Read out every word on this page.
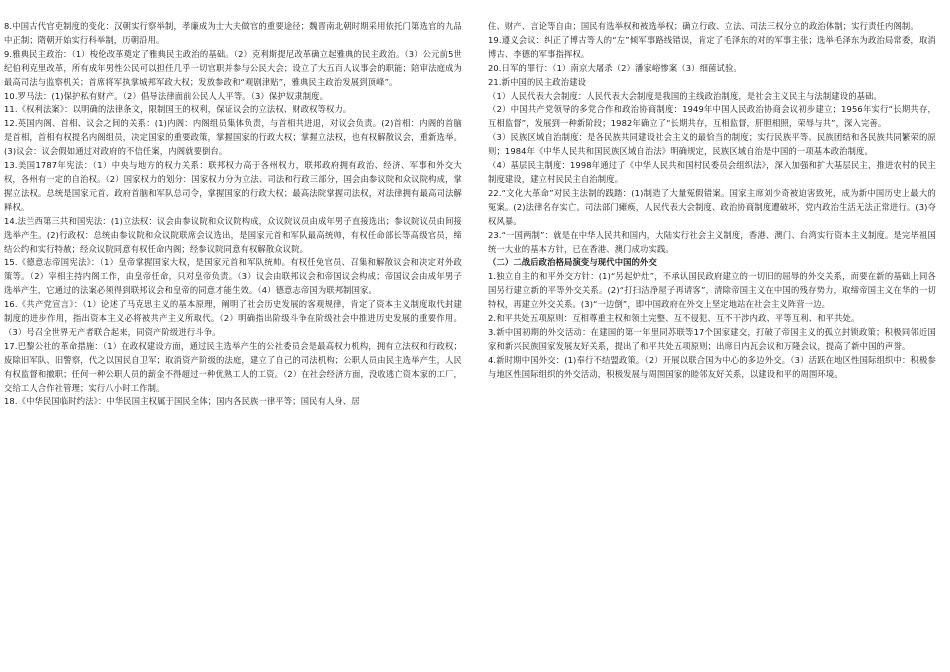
8.中国古代官吏制度的变化：汉朝实行察举制，孝廉成为士大夫做官的重要途径；魏晋南北朝时期采用依托门第选官的九品中正制；隋朝开始实行科举制，历朝沿用。

9.雅典民主政治：（1）梭伦改革奠定了雅典民主政治的基础。（2）克利斯提尼改革确立起雅典的民主政治。（3）公元前5世纪伯利克里改革，所有成年男性公民可以担任几乎一切官职并参与公民大会；设立了大五百人议事会的职能；陪审法庭成为最高司法与监察机关；首席将军执掌城邦军政大权；发放参政和“观剧津贴”，雅典民主政治发展到顶峰”。

10.罗马法：(1)保护私有财产。（2）倡导法律面前公民人人平等。（3）保护奴隶制度。

11.《权利法案》：以明确的法律条文，限制国王的权利，保证议会的立法权、财政权等权力。

12.英国内阁、首相、议会之间的关系：(1)内阁：内阁组员集体负责，与首相共进退，对议会负责。(2)首相：内阁的首脑是首相，首相有权提名内阁组员，决定国家的重要政策，掌握国家的行政大权；掌握立法权，也有权解散议会，重新选举。(3)议会：议会假如通过对政府的不信任案，内阁就要倒台。

13.美国1787年宪法：（1）中央与地方的权力关系：联邦权力高于各州权力，联邦政府拥有政治、经济、军事和外交大权，各州有一定的自治权。（2）国家权力的划分：国家权力分为立法、司法和行政三部分，国会由参议院和众议院构成，掌握立法权。总统是国家元首、政府首脑和军队总司令，掌握国家的行政大权；最高法院掌握司法权，对法律拥有最高司法解释权。

14.法兰西第三共和国宪法：(1)立法权：议会由参议院和众议院构成，众议院议员由成年男子直接选出；参议院议员由间接选举产生。(2)行政权：总统由参议院和众议院联席会议选出，是国家元首和军队最高统帅，有权任命部长等高级官员，缔结公约和实行特赦；经众议院同意有权任命内阁；经参议院同意有权解散众议院。

15.《德意志帝国宪法》：（1）皇帝掌握国家大权，是国家元首和军队统帅。有权任免官员、召集和解散议会和决定对外政策等。（2）宰相主持内阁工作，由皇帝任命，只对皇帝负责。（3）议会由联邦议会和帝国议会构成；帝国议会由成年男子选举产生，它通过的法案必须得到联邦议会和皇帝的同意才能生效。（4）德意志帝国为联邦制国家。

16.《共产党宣言》：（1）论述了马克思主义的基本原理，阐明了社会历史发展的客观规律，肯定了资本主义制度取代封建制度的进步作用，指出资本主义必将被共产主义所取代。（2）明确指出阶级斗争在阶级社会中推进历史发展的重要作用。（3）号召全世界无产者联合起来，同资产阶级进行斗争。

17.巴黎公社的革命措施：（1）在政权建设方面，通过民主选举产生的公社委员会是最高权力机构，拥有立法权和行政权；废除旧军队、旧警察，代之以国民自卫军；取消资产阶级的法庭，建立了自己的司法机构；公职人员由民主选举产生，人民有权监督和撤职；任何一种公职人员的薪金不得超过一种优熟工人的工资。（2）在社会经济方面，没收逃亡资本家的工厂，交给工人合作社管理；实行八小时工作制。

18.《中华民国临时约法》：中华民国主权属于国民全体；国内各民族一律平等；国民有人身、居

住、财产、言论等自由；国民有选举权和被选举权；确立行政、立法、司法三权分立的政治体制；实行责任内阁制。

19.遵义会议：纠正了博古等人的“左”倾军事路线错误，肯定了毛泽东的对的军事主张；选举毛泽东为政治局常委，取消博古、李德的军事指挥权。

20.日军的罪行：（1）南京大屠杀（2）潘家峪惨案（3）细菌试验。

21.新中国的民主政治建设

（1）人民代表大会制度：人民代表大会制度是我国的主线政治制度，是社会主义民主与法制建设的基础。

（2）中国共产党领导的多党合作和政治协商制度：1949年中国人民政治协商会议初步建立；1956年实行“长期共存，互相监督”，发展到一种新阶段；1982年确立了“长期共存，互相监督，肝胆相照，荣辱与共”，深入完善。

（3）民族区域自治制度：是各民族共同建设社会主义的最恰当的制度；实行民族平等、民族团结和各民族共同繁荣的原则；1984年《中华人民共和国民族区域自治法》明确规定，民族区域自治是中国的一项基本政治制度。

（4）基层民主制度：1998年通过了《中华人民共和国村民委员会组织法》，深入加强和扩大基层民主，推进农村的民主制度建设，建立村民民主自治制度。

22.“文化大革命”对民主法制的践踏：(1)制造了大量冤假错案。国家主席刘少奇被迫害致死，成为新中国历史上最大的冤案。(2)法律名存实亡。司法部门瘫痪，人民代表大会制度、政治协商制度遭破坏，党内政治生活无法正常进行。(3)夺权风暴。

23.“一国两制”：就是在中华人民共和国内，大陆实行社会主义制度，香港、澳门、台湾实行资本主义制度。是完毕祖国统一大业的基本方针，已在香港、澳门成功实践。

（二）二战后政治格局演变与现代中国的外交

1.独立自主的和平外交方针：(1)“另起炉灶”，不承认国民政府建立的一切旧的屈辱的外交关系，而要在新的基础上同各国另行建立新的平等外交关系。(2)“打扫洁净屋子再请客”，清除帝国主义在中国的残存势力，取缔帝国主义在华的一切特权，再建立外交关系。(3)“一边倒”，即中国政府在外交上坚定地站在社会主义阵营一边。

2.和平共处五项原则：互相尊重主权和领土完整、互不侵犯、互不干涉内政、平等互利、和平共处。

3.新中国初期的外交活动：在建国的第一年里同苏联等17个国家建交，打破了帝国主义的孤立封锁政策；积极同邻近国家和新兴民族国家发展友好关系，提出了和平共处五项原则；出席日内瓦会议和万隆会议，提高了新中国的声誉。

4.新时期中国外交：(1)奉行不结盟政策。（2）开展以联合国为中心的多边外交。（3）活跃在地区性国际组织中：积极参与地区性国际组织的外交活动，积极发展与周围国家的睦邻友好关系，以建设和平的周围环境。
